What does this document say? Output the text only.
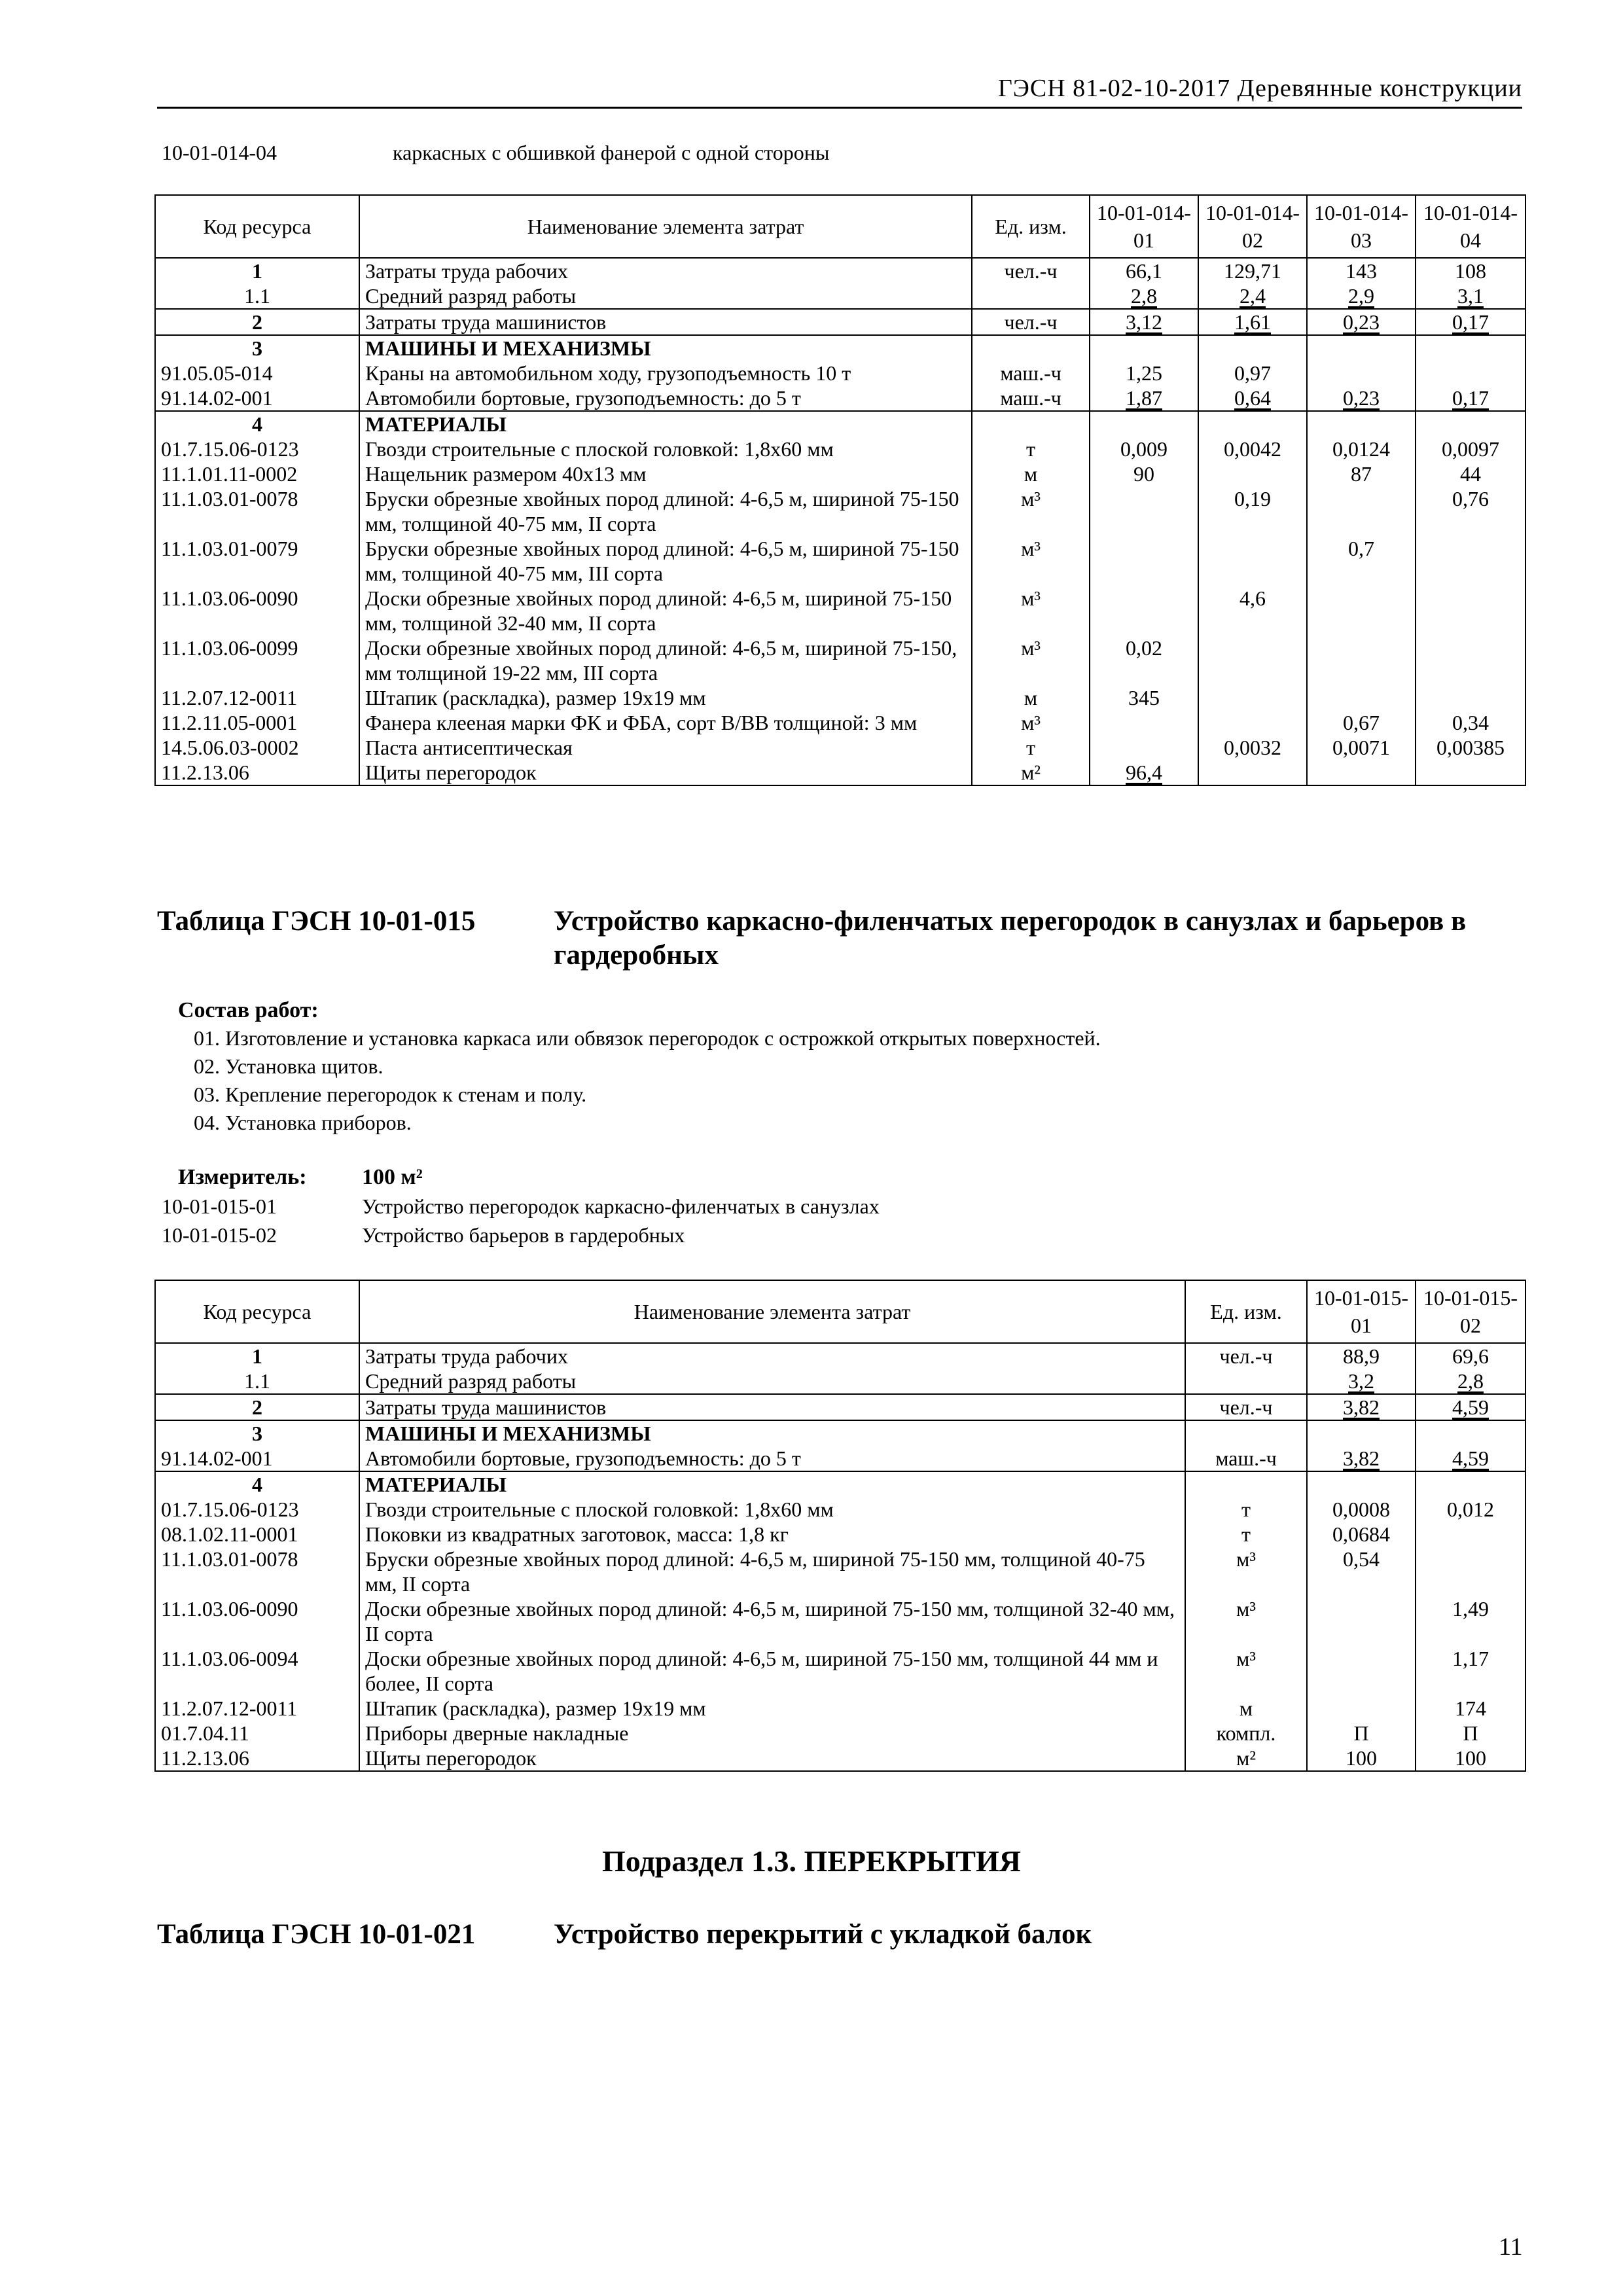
ГЭСН 81-02-10-2017 Деревянные конструкции
10-01-014-04	каркасных с обшивкой фанерой с одной стороны
Код ресурса	Наименование элемента затрат	Ед. изм.	10-01-014-01	10-01-014-02	10-01-014-03	10-01-014-04
1	Затраты труда рабочих	чел.-ч	66,1	129,71	143	108
1.1	Средний разряд работы		2,8	2,4	2,9	3,1
2	Затраты труда машинистов	чел.-ч	3,12	1,61	0,23	0,17
3	МАШИНЫ И МЕХАНИЗМЫ					
91.05.05-014	Краны на автомобильном ходу, грузоподъемность 10 т	маш.-ч	1,25	0,97		
91.14.02-001	Автомобили бортовые, грузоподъемность: до 5 т	маш.-ч	1,87	0,64	0,23	0,17
4	МАТЕРИАЛЫ					
01.7.15.06-0123	Гвозди строительные с плоской головкой: 1,8х60 мм	т	0,009	0,0042	0,0124	0,0097
11.1.01.11-0002	Нащельник размером 40х13 мм	м	90		87	44
11.1.03.01-0078	Бруски обрезные хвойных пород длиной: 4-6,5 м, шириной 75-150 мм, толщиной 40-75 мм, II сорта	м³		0,19		0,76
11.1.03.01-0079	Бруски обрезные хвойных пород длиной: 4-6,5 м, шириной 75-150 мм, толщиной 40-75 мм, III сорта	м³			0,7	
11.1.03.06-0090	Доски обрезные хвойных пород длиной: 4-6,5 м, шириной 75-150 мм, толщиной 32-40 мм, II сорта	м³		4,6		
11.1.03.06-0099	Доски обрезные хвойных пород длиной: 4-6,5 м, шириной 75-150, мм толщиной 19-22 мм, III сорта	м³	0,02			
11.2.07.12-0011	Штапик (раскладка), размер 19х19 мм	м	345			
11.2.11.05-0001	Фанера клееная марки ФК и ФБА, сорт В/ВВ толщиной: 3 мм	м³			0,67	0,34
14.5.06.03-0002	Паста антисептическая	т		0,0032	0,0071	0,00385
11.2.13.06	Щиты перегородок	м²	96,4			
Таблица ГЭСН 10-01-015	Устройство каркасно-филенчатых перегородок в санузлах и барьеров в гардеробных
Состав работ:
01. Изготовление и установка каркаса или обвязок перегородок с острожкой открытых поверхностей.
02. Установка щитов.
03. Крепление перегородок к стенам и полу.
04. Установка приборов.
Измеритель: 100 м²
10-01-015-01	Устройство перегородок каркасно-филенчатых в санузлах
10-01-015-02	Устройство барьеров в гардеробных
Код ресурса	Наименование элемента затрат	Ед. изм.	10-01-015-01	10-01-015-02
1	Затраты труда рабочих	чел.-ч	88,9	69,6
1.1	Средний разряд работы		3,2	2,8
2	Затраты труда машинистов	чел.-ч	3,82	4,59
3	МАШИНЫ И МЕХАНИЗМЫ			
91.14.02-001	Автомобили бортовые, грузоподъемность: до 5 т	маш.-ч	3,82	4,59
4	МАТЕРИАЛЫ			
01.7.15.06-0123	Гвозди строительные с плоской головкой: 1,8х60 мм	т	0,0008	0,012
08.1.02.11-0001	Поковки из квадратных заготовок, масса: 1,8 кг	т	0,0684	
11.1.03.01-0078	Бруски обрезные хвойных пород длиной: 4-6,5 м, шириной 75-150 мм, толщиной 40-75 мм, II сорта	м³	0,54	
11.1.03.06-0090	Доски обрезные хвойных пород длиной: 4-6,5 м, шириной 75-150 мм, толщиной 32-40 мм, II сорта	м³		1,49
11.1.03.06-0094	Доски обрезные хвойных пород длиной: 4-6,5 м, шириной 75-150 мм, толщиной 44 мм и более, II сорта	м³		1,17
11.2.07.12-0011	Штапик (раскладка), размер 19х19 мм	м		174
01.7.04.11	Приборы дверные накладные	компл.	П	П
11.2.13.06	Щиты перегородок	м²	100	100
Подраздел 1.3. ПЕРЕКРЫТИЯ
Таблица ГЭСН 10-01-021	Устройство перекрытий с укладкой балок
11
